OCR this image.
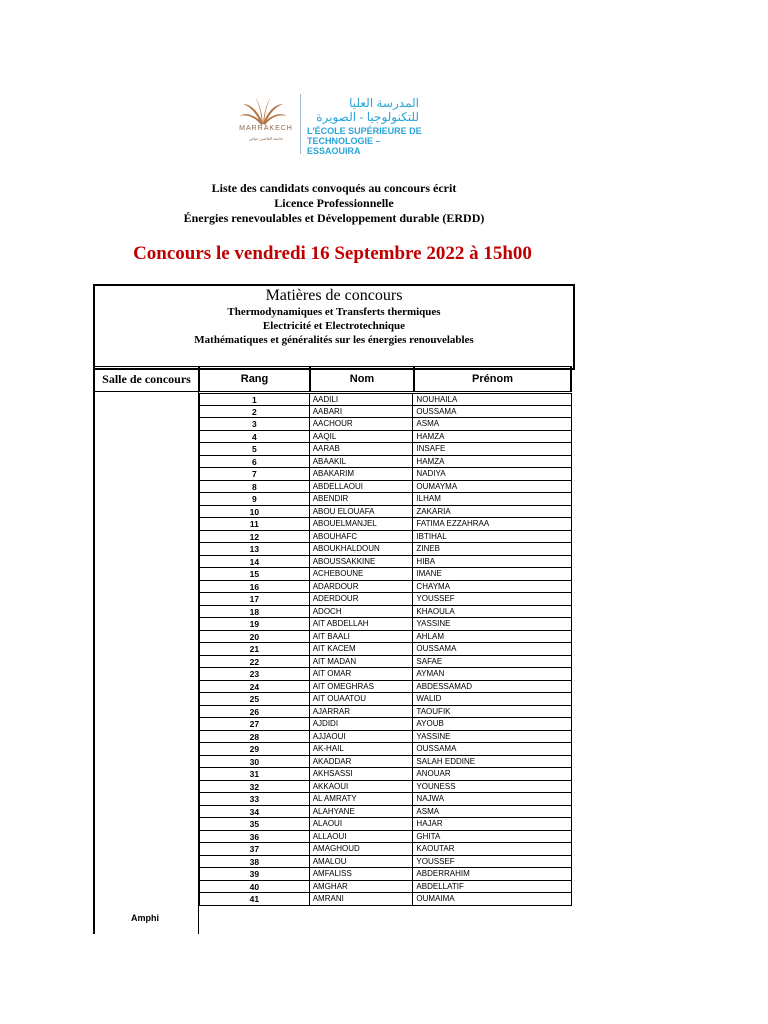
MARRAKECH
جامعة القاضي عياض
المدرسة العليا للتكنولوجيا - الصويرة
L'ÉCOLE SUPÉRIEURE DE
TECHNOLOGIE – ESSAOUIRA
Liste des candidats convoqués au concours écrit
Licence Professionnelle
Énergies renevoulables et Développement durable (ERDD)
Concours le vendredi 16 Septembre 2022 à 15h00
Matières de concours
Thermodynamiques et Transferts thermiques
Electricité et Electrotechnique
Mathématiques et généralités sur les énergies renouvelables
Salle de concours	Rang	Nom	Prénom
Amphi
1	AADILI	NOUHAILA
2	AABARI	OUSSAMA
3	AACHOUR	ASMA
4	AAQIL	HAMZA
5	AARAB	INSAFE
6	ABAAKIL	HAMZA
7	ABAKARIM	NADIYA
8	ABDELLAOUI	OUMAYMA
9	ABENDIR	ILHAM
10	ABOU ELOUAFA	ZAKARIA
11	ABOUELMANJEL	FATIMA EZZAHRAA
12	ABOUHAFC	IBTIHAL
13	ABOUKHALDOUN	ZINEB
14	ABOUSSAKKINE	HIBA
15	ACHEBOUNE	IMANE
16	ADARDOUR	CHAYMA
17	ADERDOUR	YOUSSEF
18	ADOCH	KHAOULA
19	AIT ABDELLAH	YASSINE
20	AIT BAALI	AHLAM
21	AIT KACEM	OUSSAMA
22	AIT MADAN	SAFAE
23	AIT OMAR	AYMAN
24	AIT OMEGHRAS	ABDESSAMAD
25	AIT OUAATOU	WALID
26	AJARRAR	TAOUFIK
27	AJDIDI	AYOUB
28	AJJAOUI	YASSINE
29	AK-HAIL	OUSSAMA
30	AKADDAR	SALAH EDDINE
31	AKHSASSI	ANOUAR
32	AKKAOUI	YOUNESS
33	AL AMRATY	NAJWA
34	ALAHYANE	ASMA
35	ALAOUI	HAJAR
36	ALLAOUI	GHITA
37	AMAGHOUD	KAOUTAR
38	AMALOU	YOUSSEF
39	AMFALISS	ABDERRAHIM
40	AMGHAR	ABDELLATIF
41	AMRANI	OUMAIMA
